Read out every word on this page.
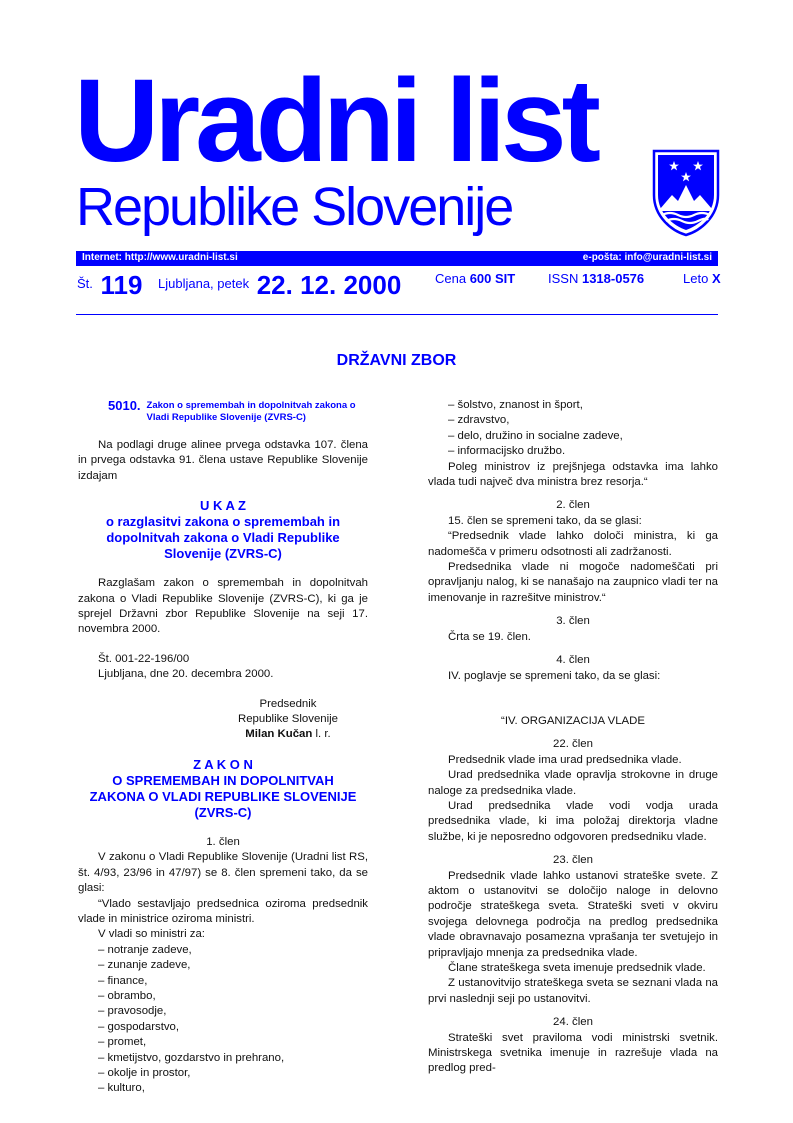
Uradni list
Republike Slovenije
Internet: http://www.uradni-list.si	e-pošta: info@uradni-list.si
Št. 119 Ljubljana, petek 22. 12. 2000	Cena 600 SIT	ISSN 1318-0576	Leto X
DRŽAVNI ZBOR
5010. Zakon o spremembah in dopolnitvah zakona o Vladi Republike Slovenije (ZVRS-C)

Na podlagi druge alinee prvega odstavka 107. člena in prvega odstavka 91. člena ustave Republike Slovenije izdajam

U K A Z
o razglasitvi zakona o spremembah in dopolnitvah zakona o Vladi Republike Slovenije (ZVRS-C)

Razglašam zakon o spremembah in dopolnitvah zakona o Vladi Republike Slovenije (ZVRS-C), ki ga je sprejel Državni zbor Republike Slovenije na seji 17. novembra 2000.

Št. 001-22-196/00

Ljubljana, dne 20. decembra 2000.

Predsednik

Republike Slovenije

Milan Kučan l. r.

Z A K O N
O SPREMEMBAH IN DOPOLNITVAH ZAKONA O VLADI REPUBLIKE SLOVENIJE (ZVRS-C)

1. člen

V zakonu o Vladi Republike Slovenije (Uradni list RS, št. 4/93, 23/96 in 47/97) se 8. člen spremeni tako, da se glasi:

“Vlado sestavljajo predsednica oziroma predsednik vlade in ministrice oziroma ministri.

V vladi so ministri za:

– notranje zadeve,

– zunanje zadeve,

– finance,

– obrambo,

– pravosodje,

– gospodarstvo,

– promet,

– kmetijstvo, gozdarstvo in prehrano,

– okolje in prostor,

– kulturo,

– šolstvo, znanost in šport,

– zdravstvo,

– delo, družino in socialne zadeve,

– informacijsko družbo.

Poleg ministrov iz prejšnjega odstavka ima lahko vlada tudi največ dva ministra brez resorja.“

2. člen

15. člen se spremeni tako, da se glasi:

“Predsednik vlade lahko določi ministra, ki ga nadomešča v primeru odsotnosti ali zadržanosti.

Predsednika vlade ni mogoče nadomeščati pri opravljanju nalog, ki se nanašajo na zaupnico vladi ter na imenovanje in razrešitve ministrov.“

3. člen

Črta se 19. člen.

4. člen

IV. poglavje se spremeni tako, da se glasi:

“IV. ORGANIZACIJA VLADE

22. člen

Predsednik vlade ima urad predsednika vlade.

Urad predsednika vlade opravlja strokovne in druge naloge za predsednika vlade.

Urad predsednika vlade vodi vodja urada predsednika vlade, ki ima položaj direktorja vladne službe, ki je neposredno odgovoren predsedniku vlade.

23. člen

Predsednik vlade lahko ustanovi strateške svete. Z aktom o ustanovitvi se določijo naloge in delovno področje strateškega sveta. Strateški sveti v okviru svojega delovnega področja na predlog predsednika vlade obravnavajo posamezna vprašanja ter svetujejo in pripravljajo mnenja za predsednika vlade.

Člane strateškega sveta imenuje predsednik vlade.

Z ustanovitvijo strateškega sveta se seznani vlada na prvi naslednji seji po ustanovitvi.

24. člen

Strateški svet praviloma vodi ministrski svetnik. Ministrskega svetnika imenuje in razrešuje vlada na predlog pred-
